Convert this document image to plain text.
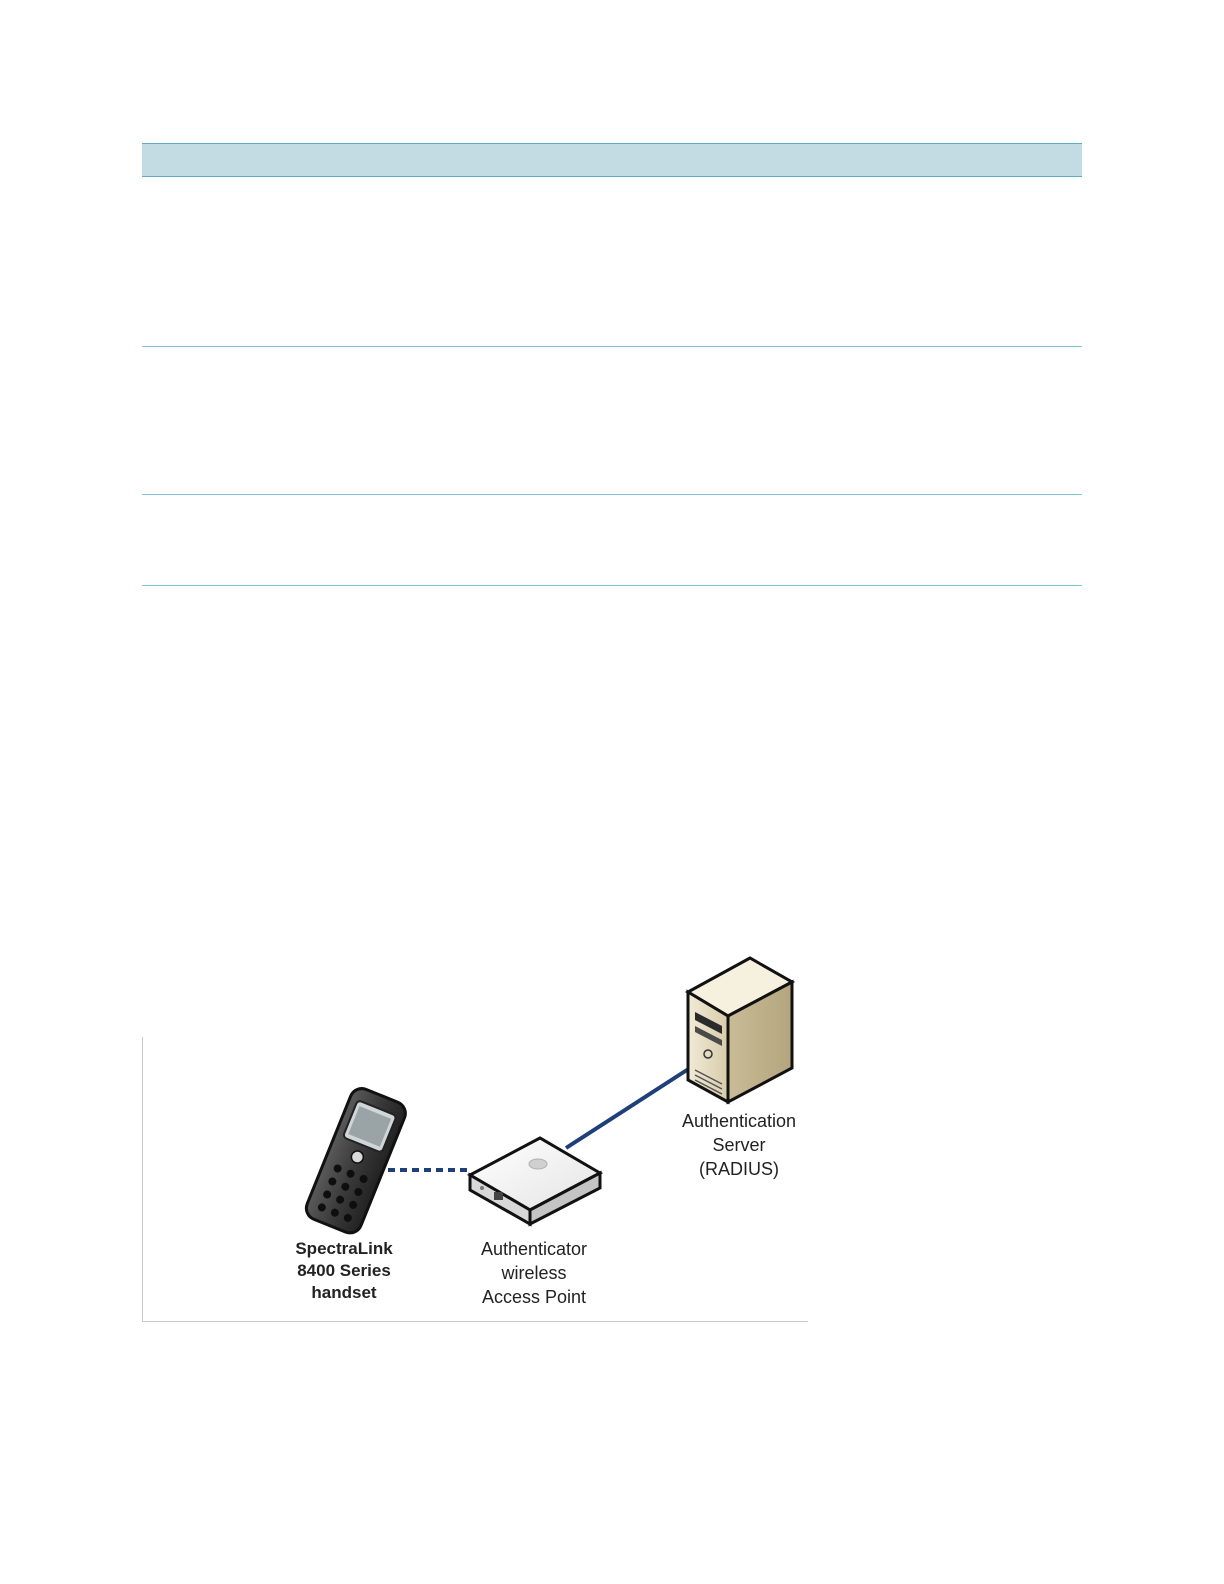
SpectraLink
8400 Series
handset
Authenticator
wireless
Access Point
Authentication
Server
(RADIUS)
